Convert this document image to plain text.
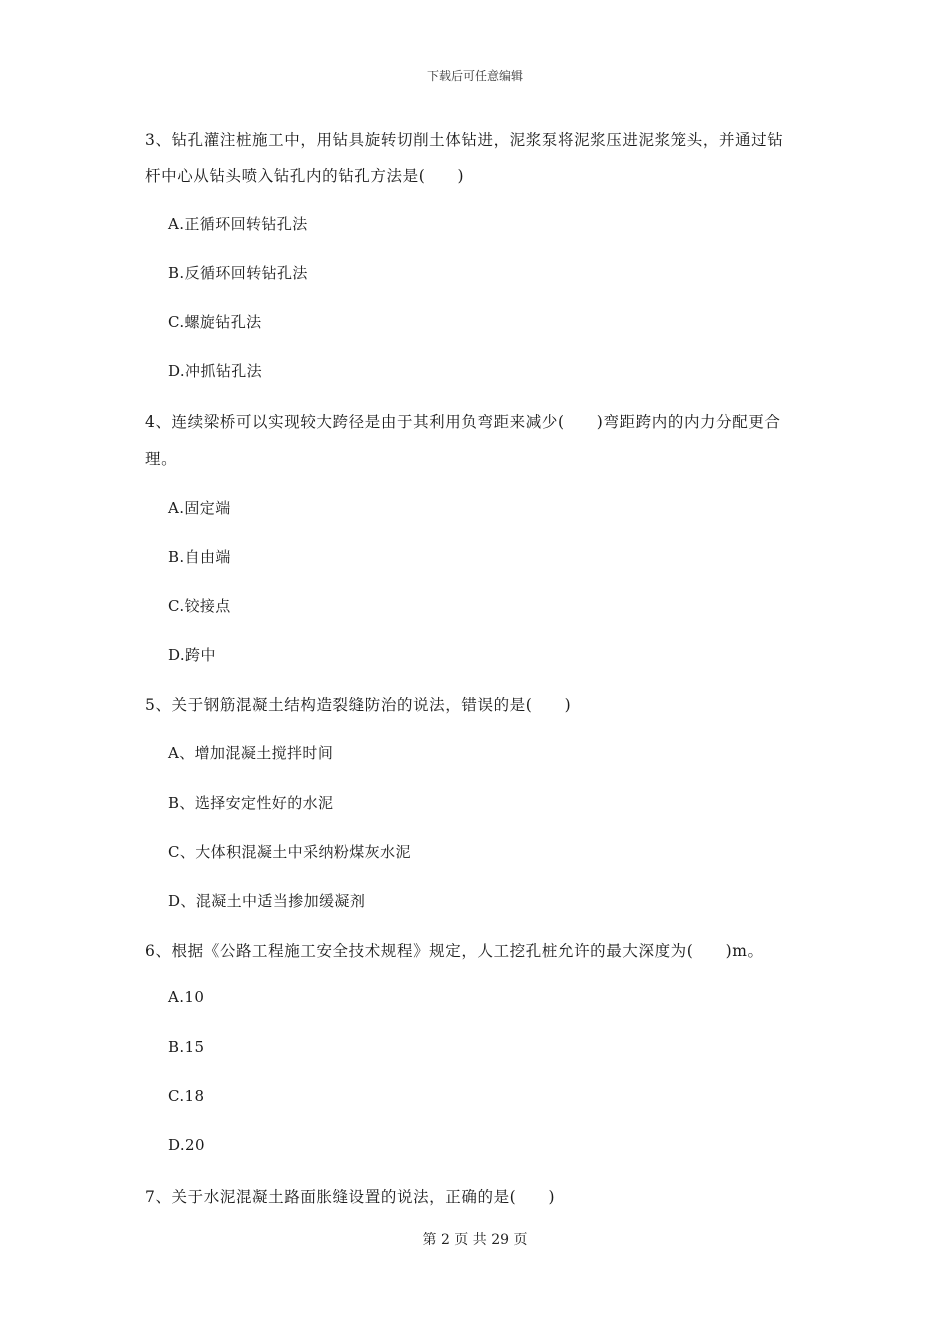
下载后可任意编辑
3、钻孔灌注桩施工中，用钻具旋转切削土体钻进，泥浆泵将泥浆压进泥浆笼头，并通过钻
杆中心从钻头喷入钻孔内的钻孔方法是(　　)
A.正循环回转钻孔法
B.反循环回转钻孔法
C.螺旋钻孔法
D.冲抓钻孔法
4、连续梁桥可以实现较大跨径是由于其利用负弯距来减少(　　)弯距跨内的内力分配更合
理。
A.固定端
B.自由端
C.铰接点
D.跨中
5、关于钢筋混凝土结构造裂缝防治的说法，错误的是(　　)
A、增加混凝土搅拌时间
B、选择安定性好的水泥
C、大体积混凝土中采纳粉煤灰水泥
D、混凝土中适当掺加缓凝剂
6、根据《公路工程施工安全技术规程》规定，人工挖孔桩允许的最大深度为(　　)m。
A.10
B.15
C.18
D.20
7、关于水泥混凝土路面胀缝设置的说法，正确的是(　　)
第 2 页 共 29 页
